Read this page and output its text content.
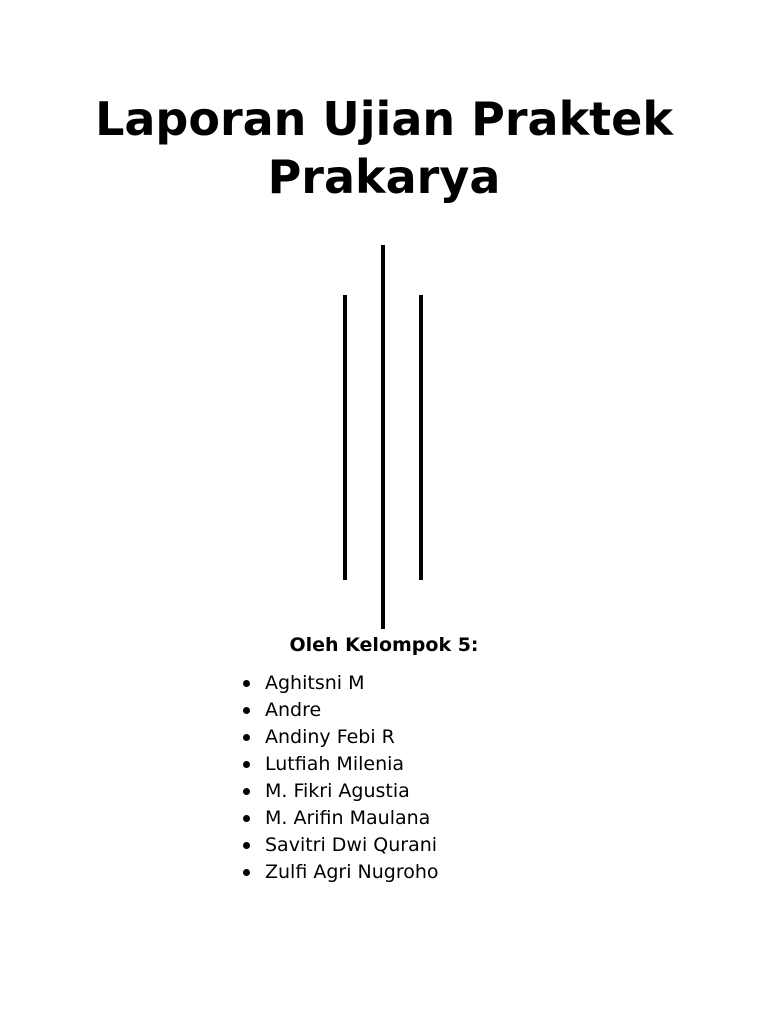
Laporan Ujian Praktek
Prakarya
Oleh Kelompok 5:
Aghitsni M
Andre
Andiny Febi R
Lutfiah Milenia
M. Fikri Agustia
M. Arifin Maulana
Savitri Dwi Qurani
Zulfi Agri Nugroho
